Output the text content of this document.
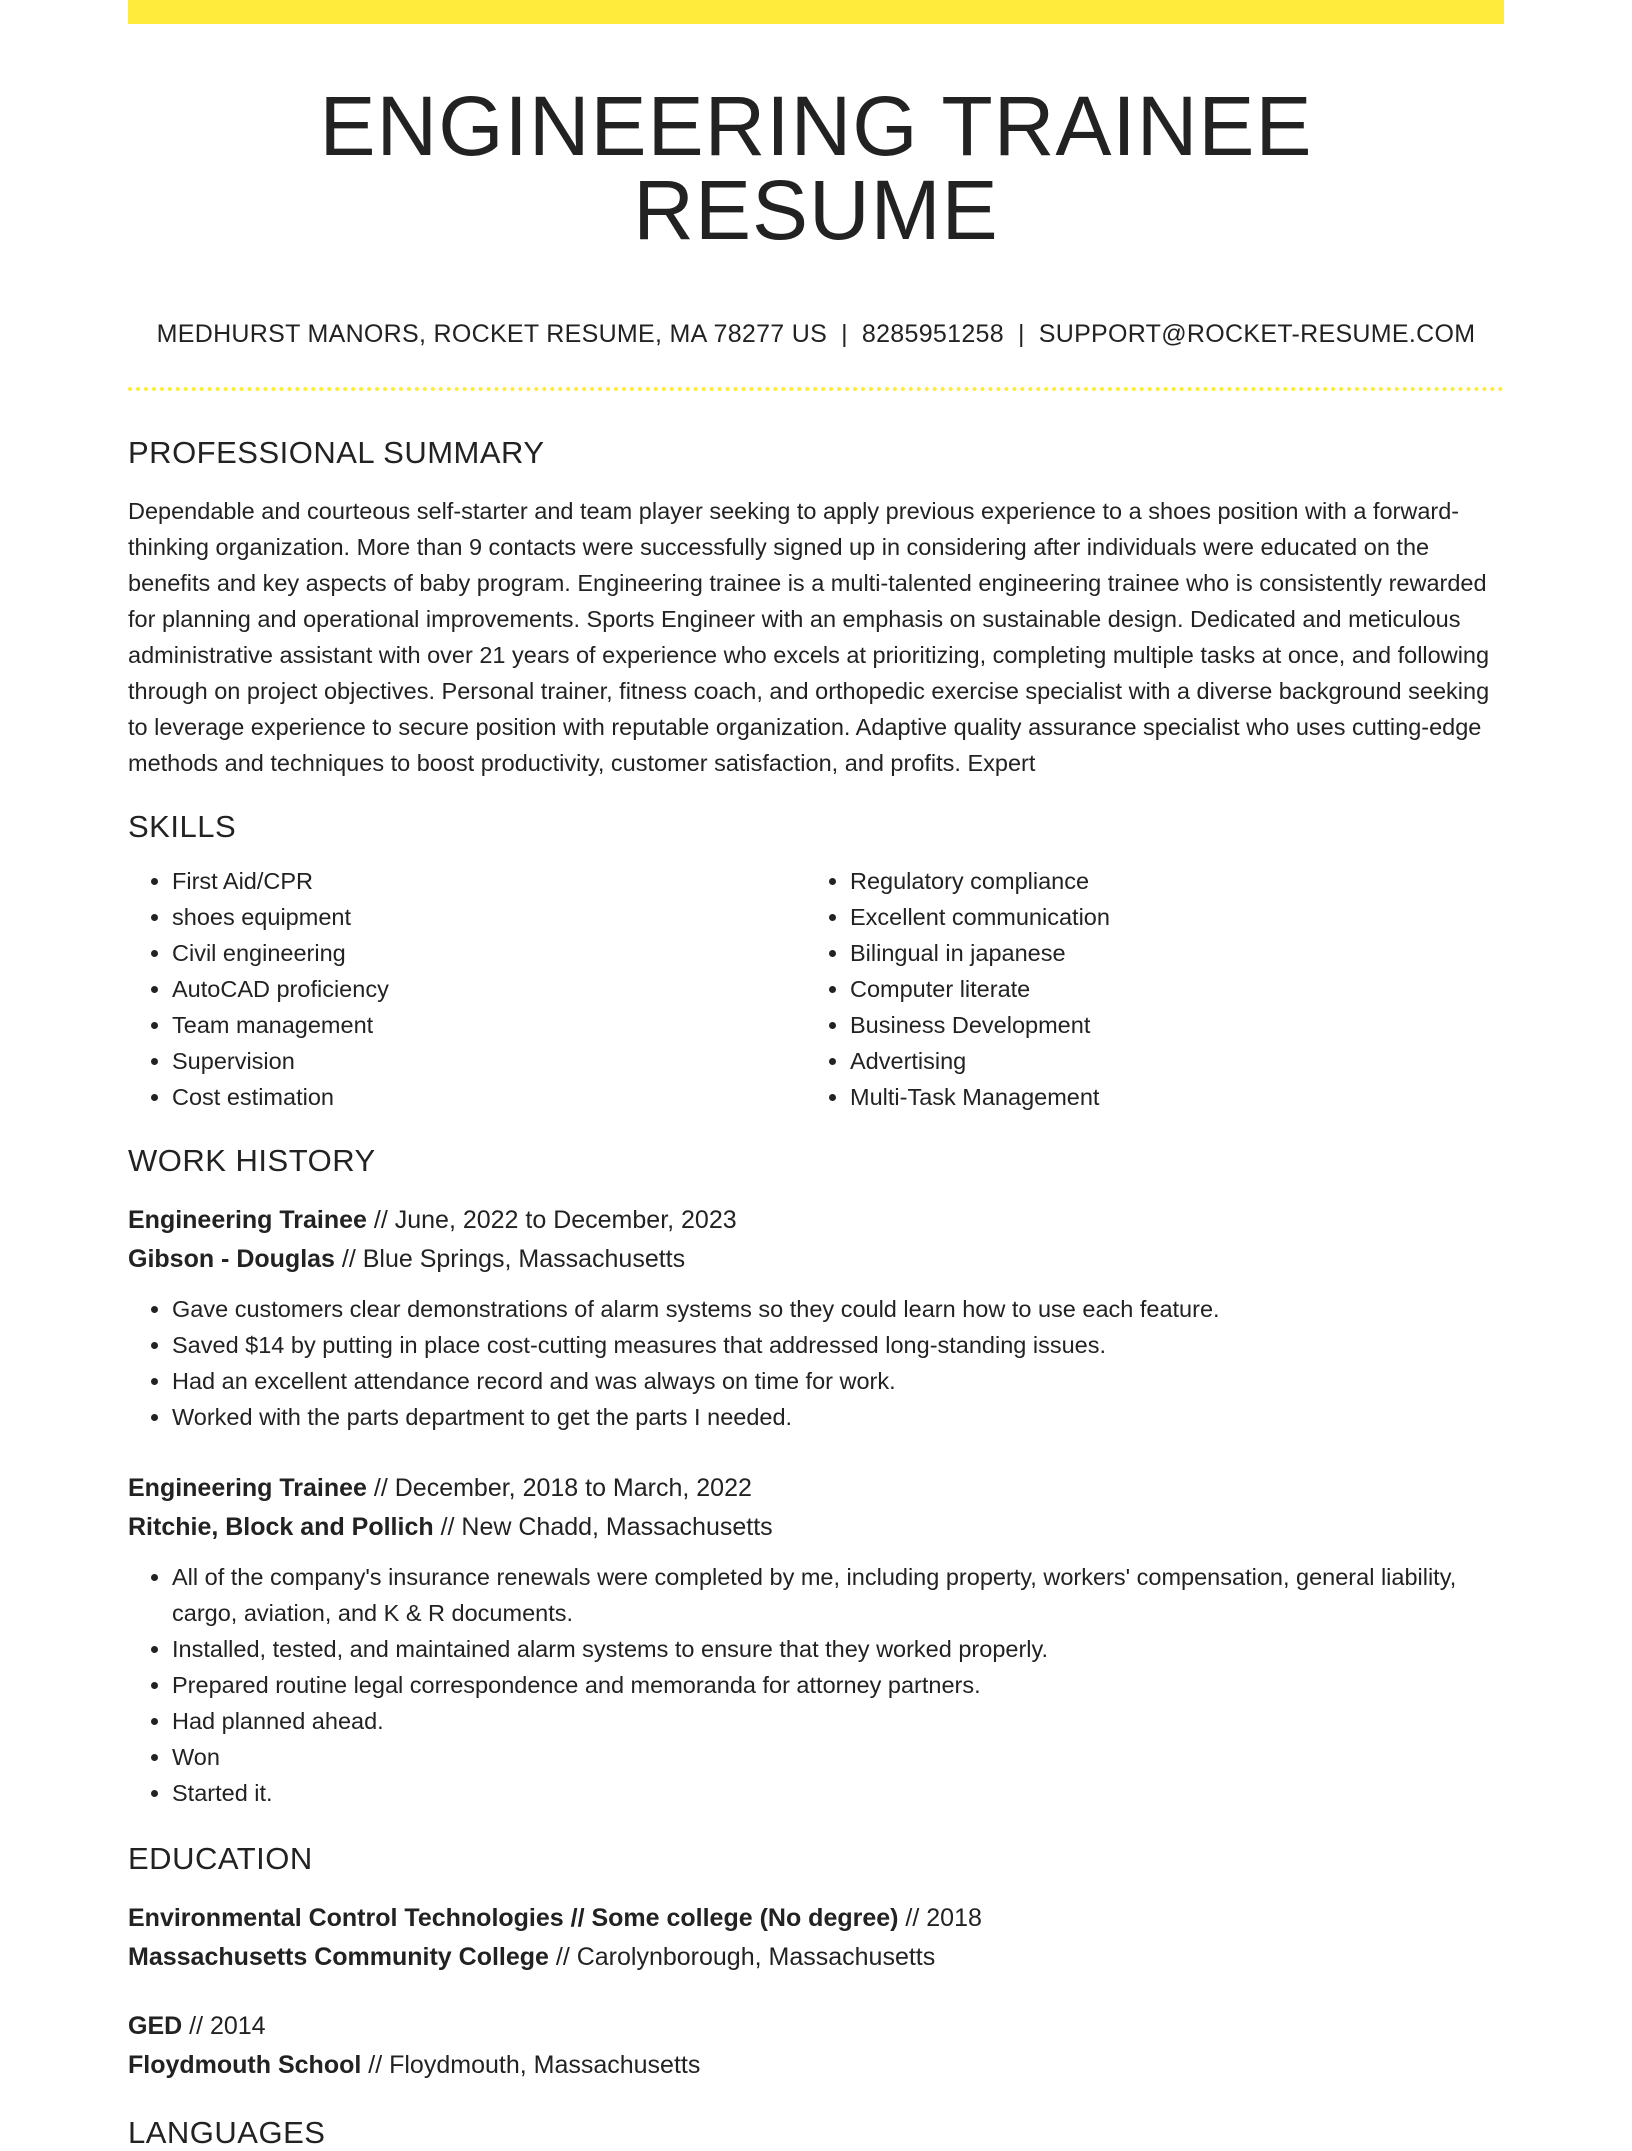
ENGINEERING TRAINEE RESUME
MEDHURST MANORS, ROCKET RESUME, MA 78277 US | 8285951258 | SUPPORT@ROCKET-RESUME.COM
PROFESSIONAL SUMMARY
Dependable and courteous self-starter and team player seeking to apply previous experience to a shoes position with a forward-thinking organization. More than 9 contacts were successfully signed up in considering after individuals were educated on the benefits and key aspects of baby program. Engineering trainee is a multi-talented engineering trainee who is consistently rewarded for planning and operational improvements. Sports Engineer with an emphasis on sustainable design. Dedicated and meticulous administrative assistant with over 21 years of experience who excels at prioritizing, completing multiple tasks at once, and following through on project objectives. Personal trainer, fitness coach, and orthopedic exercise specialist with a diverse background seeking to leverage experience to secure position with reputable organization. Adaptive quality assurance specialist who uses cutting-edge methods and techniques to boost productivity, customer satisfaction, and profits. Expert
SKILLS
• First Aid/CPR
• shoes equipment
• Civil engineering
• AutoCAD proficiency
• Team management
• Supervision
• Cost estimation
• Regulatory compliance
• Excellent communication
• Bilingual in japanese
• Computer literate
• Business Development
• Advertising
• Multi-Task Management
WORK HISTORY
Engineering Trainee // June, 2022 to December, 2023
Gibson - Douglas // Blue Springs, Massachusetts
• Gave customers clear demonstrations of alarm systems so they could learn how to use each feature.
• Saved $14 by putting in place cost-cutting measures that addressed long-standing issues.
• Had an excellent attendance record and was always on time for work.
• Worked with the parts department to get the parts I needed.
Engineering Trainee // December, 2018 to March, 2022
Ritchie, Block and Pollich // New Chadd, Massachusetts
• All of the company's insurance renewals were completed by me, including property, workers' compensation, general liability, cargo, aviation, and K & R documents.
• Installed, tested, and maintained alarm systems to ensure that they worked properly.
• Prepared routine legal correspondence and memoranda for attorney partners.
• Had planned ahead.
• Won
• Started it.
EDUCATION
Environmental Control Technologies // Some college (No degree) // 2018
Massachusetts Community College // Carolynborough, Massachusetts
GED // 2014
Floydmouth School // Floydmouth, Massachusetts
LANGUAGES
